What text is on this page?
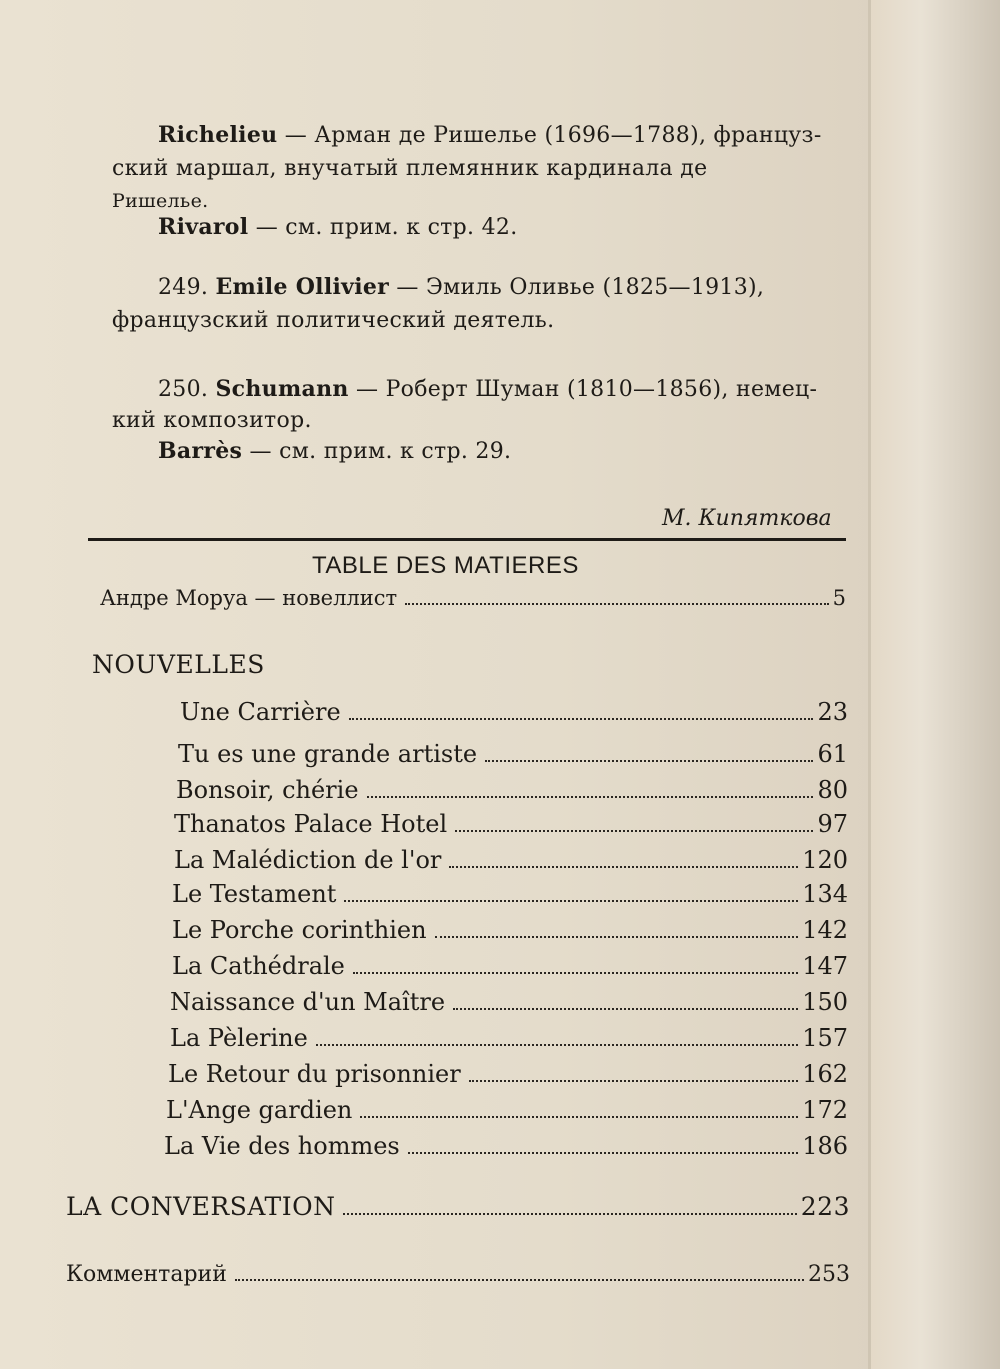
Richelieu — Арман де Ришелье (1696—1788), француз-
ский маршал, внучатый племянник кардинала де
Ришелье.
Rivarol — см. прим. к стр. 42.
249. Emile Ollivier — Эмиль Оливье (1825—1913),
французский политический деятель.
250. Schumann — Роберт Шуман (1810—1856), немец-
кий композитор.
Barrès — см. прим. к стр. 29.
М. Кипяткова
TABLE DES MATIERES
Андре Моруа — новеллист	5
NOUVELLES
Une Carrière	23
Tu es une grande artiste	61
Bonsoir, chérie	80
Thanatos Palace Hotel	97
La Malédiction de l'or	120
Le Testament	134
Le Porche corinthien	142
La Cathédrale	147
Naissance d'un Maître	150
La Pèlerine	157
Le Retour du prisonnier	162
L'Ange gardien	172
La Vie des hommes	186
LA CONVERSATION	223
Комментарий	253
